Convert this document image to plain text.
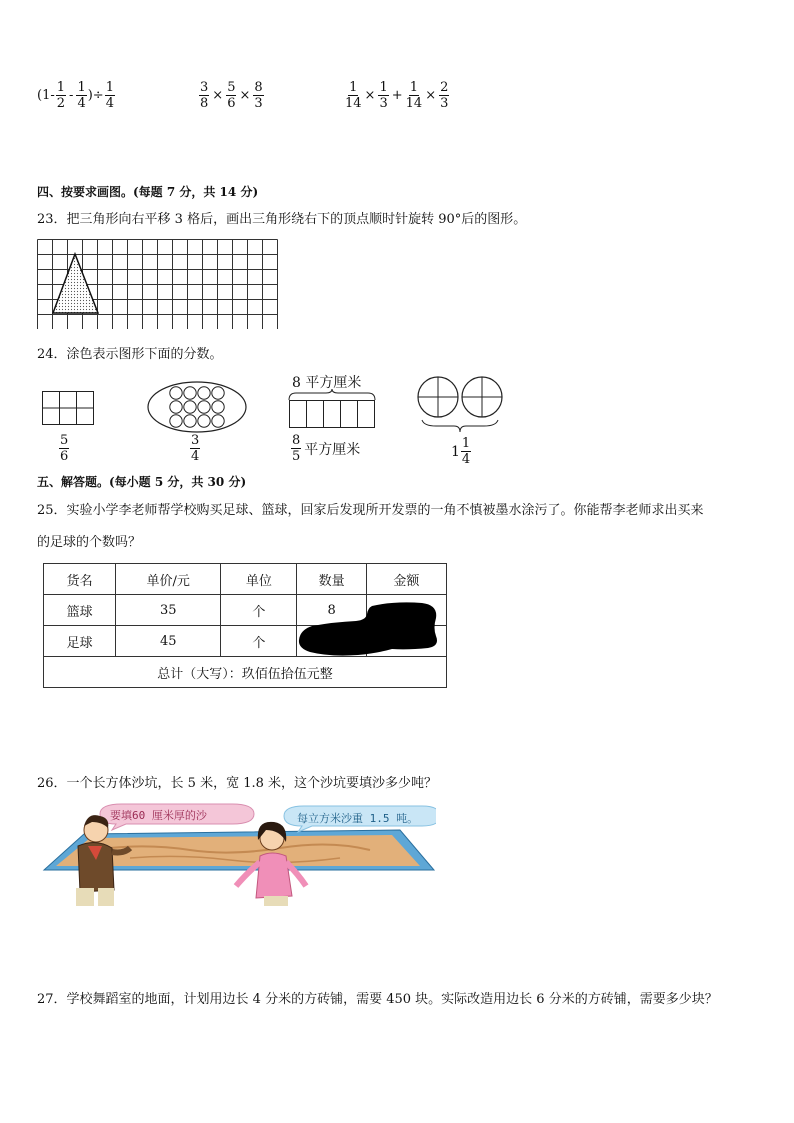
($1- \frac{1}{2} - \frac{1}{4}$ )÷ $\frac{1}{4}$	$\frac{3}{8} \times \frac{5}{6} \times \frac{8}{3}$	$\frac{1}{14} \times \frac{1}{3} + \frac{1}{14} \times \frac{2}{3}$
四、按要求画图。(每题 7 分，共 14 分)
23．把三角形向右平移 3 格后，画出三角形绕右下的顶点顺时针旋转 90°后的图形。
24．涂色表示图形下面的分数。
$\frac{5}{6}$	$\frac{3}{4}$
8 平方厘米
$\frac{8}{5}$ 平方厘米	$1 \frac{1}{4}$
五、解答题。(每小题 5 分，共 30 分)
25．实验小学李老师帮学校购买足球、篮球，回家后发现所开发票的一角不慎被墨水涂污了。你能帮李老师求出买来
的足球的个数吗？
货名	单价/元	单位	数量	金额
篮球	35	个	8	
足球	45	个		
总计（大写）：玖佰伍拾伍元整				
26．一个长方体沙坑，长 5 米，宽 1.8 米，这个沙坑要填沙多少吨？
要填60 厘米厚的沙	每立方米沙重 1.5 吨。
27．学校舞蹈室的地面，计划用边长 4 分米的方砖铺，需要 450 块。实际改造用边长 6 分米的方砖铺，需要多少块？
